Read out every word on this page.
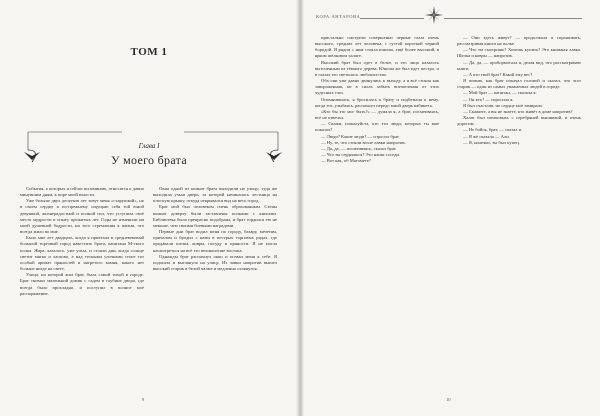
ТОМ 1
Глава I
У моего брата

События, о которых я сейчас вспоминаю, относятся к давно минувшим дням, к поре моей юности.

Уже больше двух десятков лет зовут меня «старушкой», но в своем сердце я по-прежнему ощущаю себя той юной девушкой, жизнерадостной и полной сил, что уступила своё место мудрости и опыту прожитых лет. Годы не изменили ни моей душевной бодрости, ни того стремления к жизни, что всегда жило во мне.

Было мне лет двадцать, когда я приехала в средневековый большой торговый город навестить брата, капитана М-ского полка. Жара, казалось, уже ушла, и стояли дни, когда солнце светит мягко и ласково, а над тесными улочками стоит тот особый аромат пряностей и нагретого камня, какого нет больше нигде на свете.

Улица, на которой жил брат, была самой тихой в городе. Брат снимал маленький домик с садом в глубине двора, где всегда было прохладно, и поступил в полное моё распоряжение.

Окна одной из комнат брата выходили на улицу; туда же выходила узкая дверь, за которой начиналась лестница на плоскую крышу, откуда открывался вид на весь город.

Брат мой был человеком очень образованным. Стены комнат доверху были заставлены полками с книгами. Библиотека была прекрасно подобрана, и брат гордился ею не меньше, чем своими боевыми наградами.

Первые дни брат водил меня по городу, базару, мечетям, причалам и бродил с нами в пестрых торговых рядах, где продавали шелка, ковры, посуду и пряности. Я не могла насмотреться на всё это великолепие востока.

Однажды брат распахнул окно и позвал меня к себе. Я подошла и выглянула на улицу. Из лавки напротив вышел высокий старик в белой чалме и медленно оглянулся.

9
КОРА АНТАРОВА

пристально смотрели совершенно черные глаза очень высокого, средних лет человека, с густой короткой черной бородой. Я рядом с ним стояла юноша, ещё более высокий, в ярком шёлковом халате.

Высокий брат был одет в белое, и его лицо казалось выточенным из тёмного дерева. Юноша же был одет пестро, и в глазах его светилось любопытство.

Оба они уже давно двинулись к выходу, а я всё стояла как завороженная, не в силах забыть впечатления от этих чудесных глаз.

Опомнившись, я бросилась к брату и подбежала к нему, когда тот, улыбаясь, распахнул передо мной дверь кабинета.

«Кто бы это мог быть?» — думала я, а брат, посмеиваясь, всё не отвечал.

— Скажи, пожалуйста, кто эти люди, которых ты мне показал?

— Люди? Какие люди? — спросил брат.

— Ну, те, что стояли возле лавки напротив.

— Да, да, — посмеиваясь, сказал брат.

— Что ты сердишься? Это наши соседи.

— Вот как, об Магомете?

— Они здесь живут? — продолжала я спрашивать, рассматривая книги на полке.

— Что ты смотришь? Хочешь купить? Это книжная лавка. Шелка и ковры — напротив.

— Да, да, — пробормотала я, делая вид, что рассматриваю книги.

— А кто твой брат? Какой ему вес?

Я помню, как брат покачал головой и сказал, что этот старик — один из самых уважаемых людей в городе.

— Мой брат — капитан, — сказала я.

— Он кто? — спросила я.

Я был счастлив, но сердце моё замирало.

— Скажите, а вы не знаете, кто живёт в доме напротив?

Халат был шелковым, с серебряной вышивкой, и очень дорогим.

— Не бойся, брат, — сказал я.

— Я жё сказала — Али.

— Я, конечно, ты был купец.

10
